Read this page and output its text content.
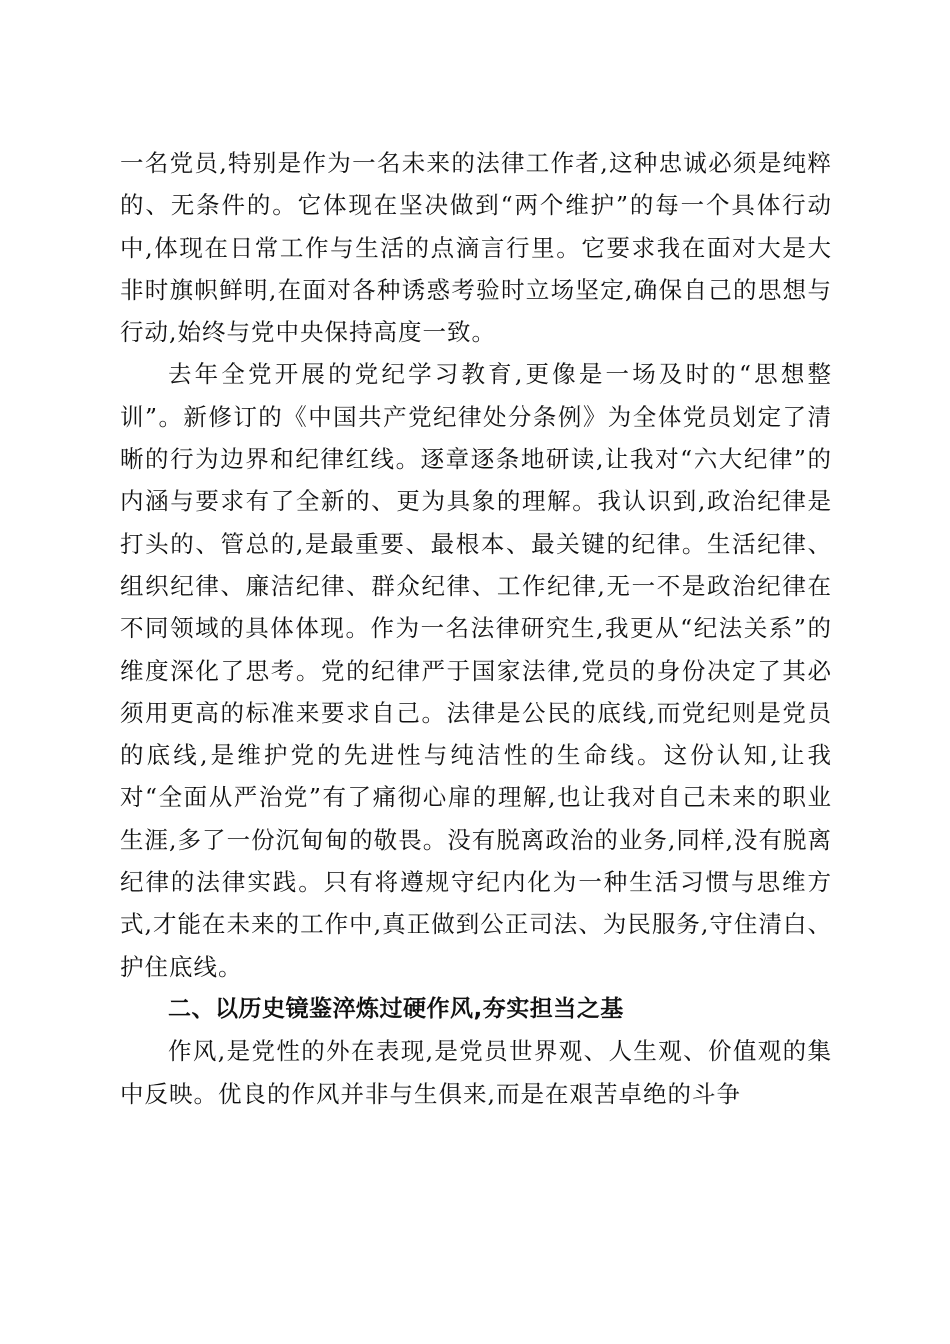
一名党员,特别是作为一名未来的法律工作者,这种忠诚必须是纯粹的、无条件的。它体现在坚决做到“两个维护”的每一个具体行动中,体现在日常工作与生活的点滴言行里。它要求我在面对大是大非时旗帜鲜明,在面对各种诱惑考验时立场坚定,确保自己的思想与行动,始终与党中央保持高度一致。

去年全党开展的党纪学习教育,更像是一场及时的“思想整训”。新修订的《中国共产党纪律处分条例》为全体党员划定了清晰的行为边界和纪律红线。逐章逐条地研读,让我对“六大纪律”的内涵与要求有了全新的、更为具象的理解。我认识到,政治纪律是打头的、管总的,是最重要、最根本、最关键的纪律。生活纪律、组织纪律、廉洁纪律、群众纪律、工作纪律,无一不是政治纪律在不同领域的具体体现。作为一名法律研究生,我更从“纪法关系”的维度深化了思考。党的纪律严于国家法律,党员的身份决定了其必须用更高的标准来要求自己。法律是公民的底线,而党纪则是党员的底线,是维护党的先进性与纯洁性的生命线。这份认知,让我对“全面从严治党”有了痛彻心扉的理解,也让我对自己未来的职业生涯,多了一份沉甸甸的敬畏。没有脱离政治的业务,同样,没有脱离纪律的法律实践。只有将遵规守纪内化为一种生活习惯与思维方式,才能在未来的工作中,真正做到公正司法、为民服务,守住清白、护住底线。

二、以历史镜鉴淬炼过硬作风,夯实担当之基

作风,是党性的外在表现,是党员世界观、人生观、价值观的集中反映。优良的作风并非与生俱来,而是在艰苦卓绝的斗争
